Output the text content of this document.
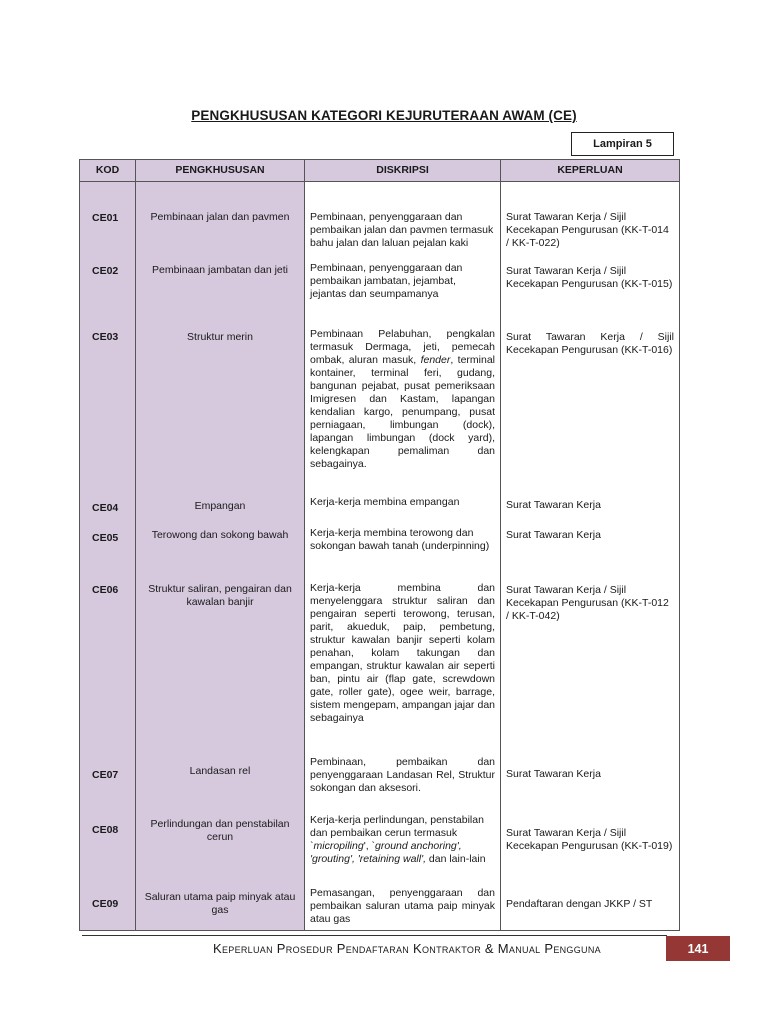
PENGKHUSUSAN KATEGORI KEJURUTERAAN AWAM (CE)
Lampiran 5
KOD	PENGKHUSUSAN	DISKRIPSI	KEPERLUAN
CE01	Pembinaan jalan dan pavmen	Pembinaan, penyenggaraan dan pembaikan jalan dan pavmen termasuk bahu jalan dan laluan pejalan kaki	Surat Tawaran Kerja / Sijil Kecekapan Pengurusan (KK-T-014 / KK-T-022)
CE02	Pembinaan jambatan dan jeti	Pembinaan, penyenggaraan dan pembaikan jambatan, jejambat, jejantas dan seumpamanya	Surat Tawaran Kerja / Sijil Kecekapan Pengurusan (KK-T-015)
CE03	Struktur merin	Pembinaan Pelabuhan, pengkalan termasuk Dermaga, jeti, pemecah ombak, aluran masuk, fender, terminal kontainer, terminal feri, gudang, bangunan pejabat, pusat pemeriksaan Imigresen dan Kastam, lapangan kendalian kargo, penumpang, pusat perniagaan, limbungan (dock), lapangan limbungan (dock yard), kelengkapan pemaliman dan sebagainya.	Surat Tawaran Kerja / Sijil Kecekapan Pengurusan (KK-T-016)
CE04	Empangan	Kerja-kerja membina empangan	Surat Tawaran Kerja
CE05	Terowong dan sokong bawah	Kerja-kerja membina terowong dan sokongan bawah tanah (underpinning)	Surat Tawaran Kerja
CE06	Struktur saliran, pengairan dan kawalan banjir	Kerja-kerja membina dan menyelenggara struktur saliran dan pengairan seperti terowong, terusan, parit, akueduk, paip, pembetung, struktur kawalan banjir seperti kolam penahan, kolam takungan dan empangan, struktur kawalan air seperti ban, pintu air (flap gate, screwdown gate, roller gate), ogee weir, barrage, sistem mengepam, ampangan jajar dan sebagainya	Surat Tawaran Kerja / Sijil Kecekapan Pengurusan (KK-T-012 / KK-T-042)
CE07	Landasan rel	Pembinaan, pembaikan dan penyenggaraan Landasan Rel, Struktur sokongan dan aksesori.	Surat Tawaran Kerja
CE08	Perlindungan dan penstabilan cerun	Kerja-kerja perlindungan, penstabilan dan pembaikan cerun termasuk `micropiling', `ground anchoring', 'grouting', 'retaining wall', dan lain-lain	Surat Tawaran Kerja / Sijil Kecekapan Pengurusan (KK-T-019)
CE09	Saluran utama paip minyak atau gas	Pemasangan, penyenggaraan dan pembaikan saluran utama paip minyak atau gas	Pendaftaran dengan JKKP / ST
Keperluan Prosedur Pendaftaran Kontraktor & Manual Pengguna	141
